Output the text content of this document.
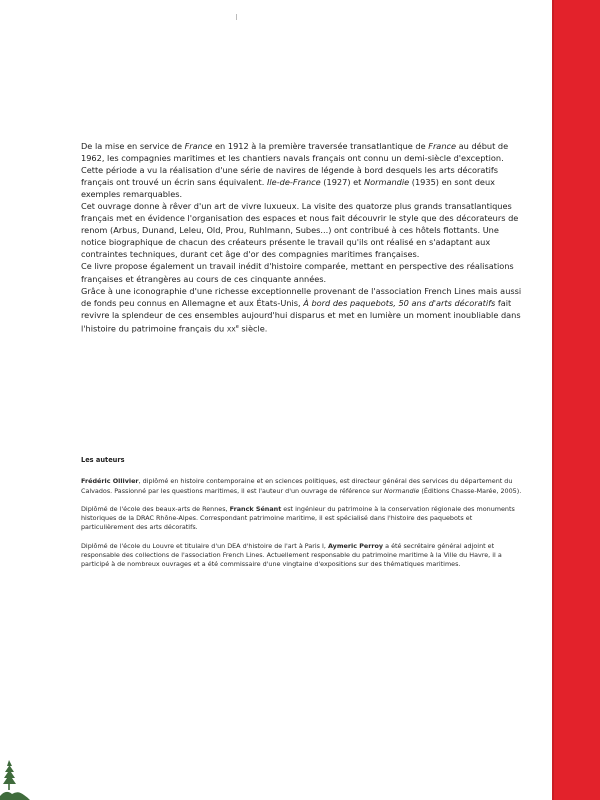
De la mise en service de France en 1912 à la première traversée transatlantique de France au début de 1962, les compagnies maritimes et les chantiers navals français ont connu un demi-siècle d'exception. Cette période a vu la réalisation d'une série de navires de légende à bord desquels les arts décoratifs français ont trouvé un écrin sans équivalent. Ile-de-France (1927) et Normandie (1935) en sont deux exemples remarquables.

Cet ouvrage donne à rêver d'un art de vivre luxueux. La visite des quatorze plus grands transatlantiques français met en évidence l'organisation des espaces et nous fait découvrir le style que des décorateurs de renom (Arbus, Dunand, Leleu, Old, Prou, Ruhlmann, Subes...) ont contribué à ces hôtels flottants. Une notice biographique de chacun des créateurs présente le travail qu'ils ont réalisé en s'adaptant aux contraintes techniques, durant cet âge d'or des compagnies maritimes françaises.

Ce livre propose également un travail inédit d'histoire comparée, mettant en perspective des réalisations françaises et étrangères au cours de ces cinquante années.

Grâce à une iconographie d'une richesse exceptionnelle provenant de l'association French Lines mais aussi de fonds peu connus en Allemagne et aux États-Unis, À bord des paquebots, 50 ans d'arts décoratifs fait revivre la splendeur de ces ensembles aujourd'hui disparus et met en lumière un moment inoubliable dans l'histoire du patrimoine français du XXe siècle.

Les auteurs

Frédéric Ollivier, diplômé en histoire contemporaine et en sciences politiques, est directeur général des services du département du Calvados. Passionné par les questions maritimes, il est l'auteur d'un ouvrage de référence sur Normandie (Éditions Chasse-Marée, 2005).

Diplômé de l'école des beaux-arts de Rennes, Franck Sénant est ingénieur du patrimoine à la conservation régionale des monuments historiques de la DRAC Rhône-Alpes. Correspondant patrimoine maritime, il est spécialisé dans l'histoire des paquebots et particulièrement des arts décoratifs.

Diplômé de l'école du Louvre et titulaire d'un DEA d'histoire de l'art à Paris I, Aymeric Perroy a été secrétaire général adjoint et responsable des collections de l'association French Lines. Actuellement responsable du patrimoine maritime à la Ville du Havre, il a participé à de nombreux ouvrages et a été commissaire d'une vingtaine d'expositions sur des thématiques maritimes.
